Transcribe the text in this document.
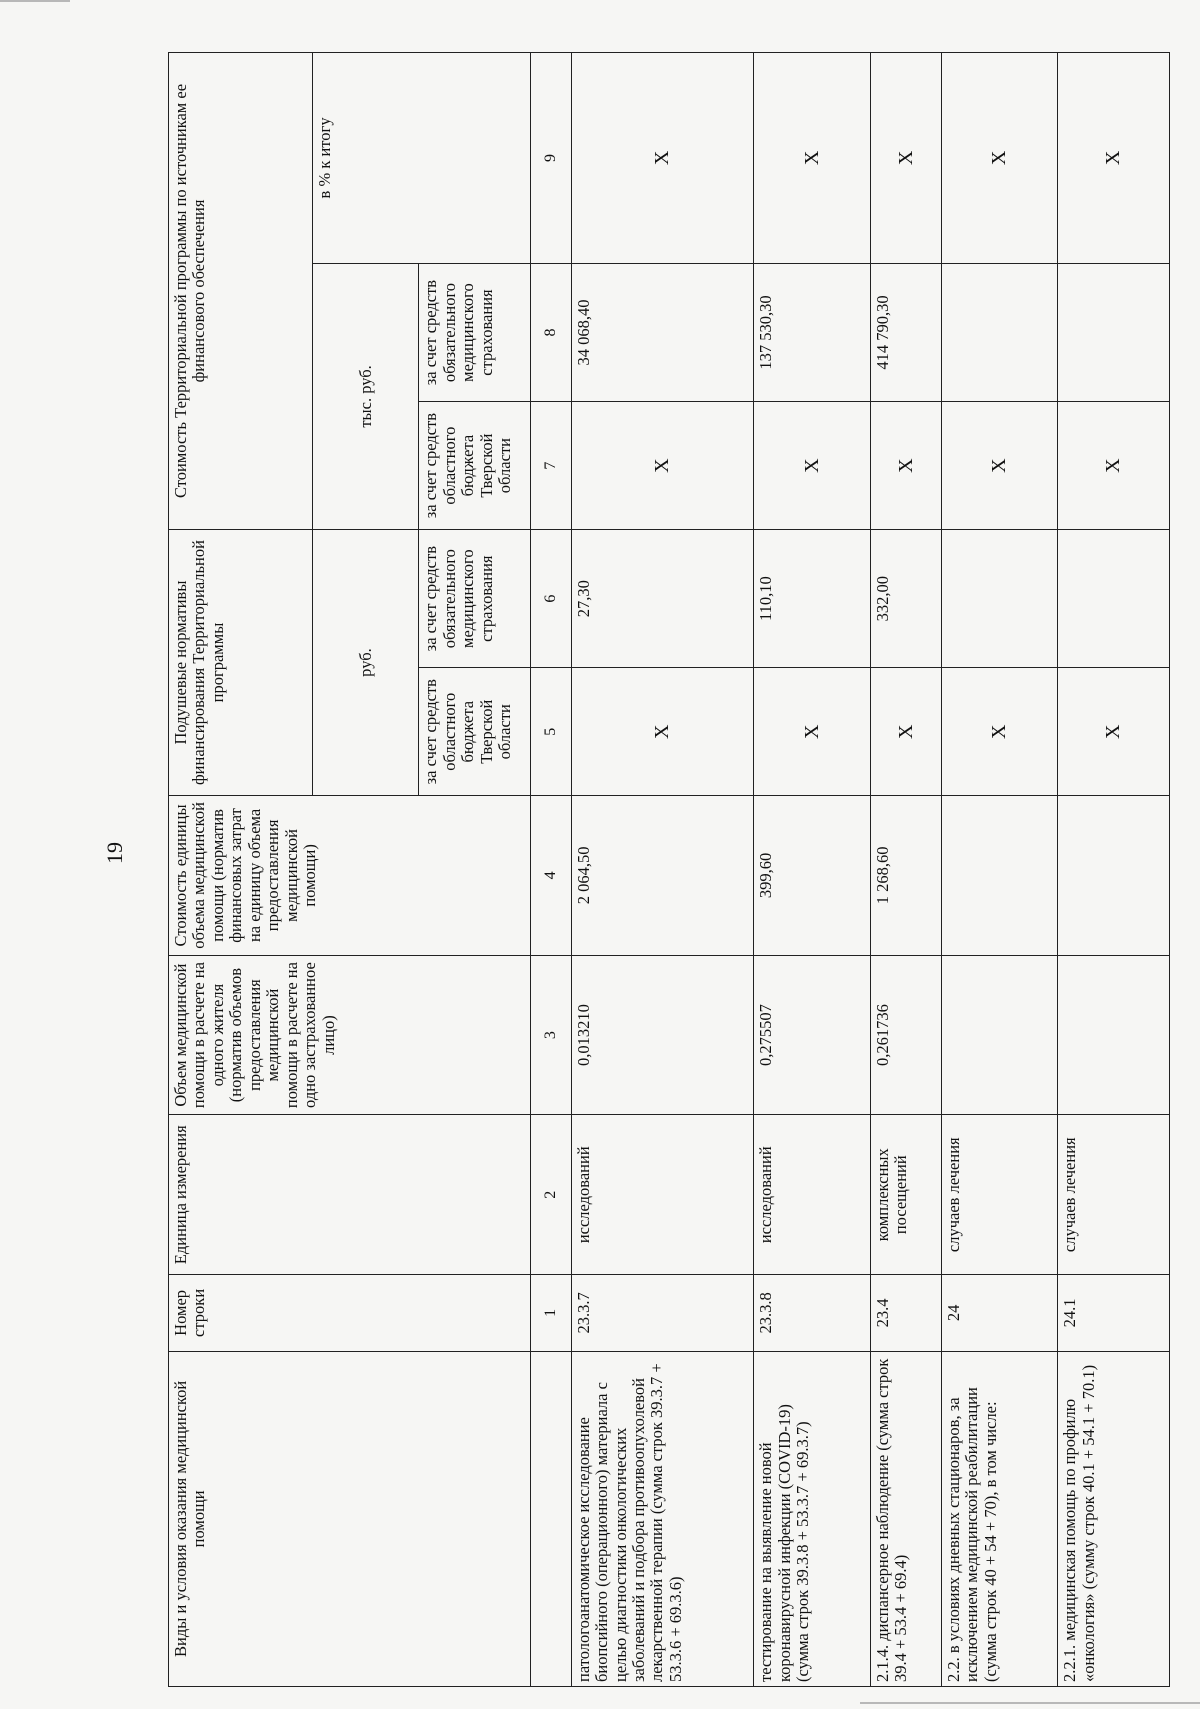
19
Виды и условия оказания медицинской помощи	Номер строки	Единица измерения	Объем медицинской помощи в расчете на одного жителя (норматив объемов предоставления медицинской помощи в расчете на одно застрахованное лицо)	Стоимость единицы объема медицинской помощи (норматив финансовых затрат на единицу объема предоставления медицинской помощи)	Подушевые нормативы финансирования Территориальной программы		Стоимость Территориальной программы по источникам ее финансового обеспечения		
					руб.		тыс. руб.		в % к итогу
					за счет средств областного бюджета Тверской области	за счет средств обязательного медицинского страхования	за счет средств областного бюджета Тверской области	за счет средств обязательного медицинского страхования	
	1	2	3	4	5	6	7	8	9
патологоанатомическое исследование биопсийного (операционного) материала с целью диагностики онкологических заболеваний и подбора противоопухолевой лекарственной терапии (сумма строк 39.3.7 + 53.3.6 + 69.3.6)	23.3.7	исследований	0,013210	2 064,50	X	27,30	X	34 068,40	X
тестирование на выявление новой коронавирусной инфекции (COVID-19) (сумма строк 39.3.8 + 53.3.7 + 69.3.7)	23.3.8	исследований	0,275507	399,60	X	110,10	X	137 530,30	X
2.1.4. диспансерное наблюдение (сумма строк 39.4 + 53.4 + 69.4)	23.4	комплексных посещений	0,261736	1 268,60	X	332,00	X	414 790,30	X
2.2. в условиях дневных стационаров, за исключением медицинской реабилитации (сумма строк 40 + 54 + 70), в том числе:	24	случаев лечения			X		X		X
2.2.1. медицинская помощь по профилю «онкология» (сумму строк 40.1 + 54.1 + 70.1)	24.1	случаев лечения			X		X		X
